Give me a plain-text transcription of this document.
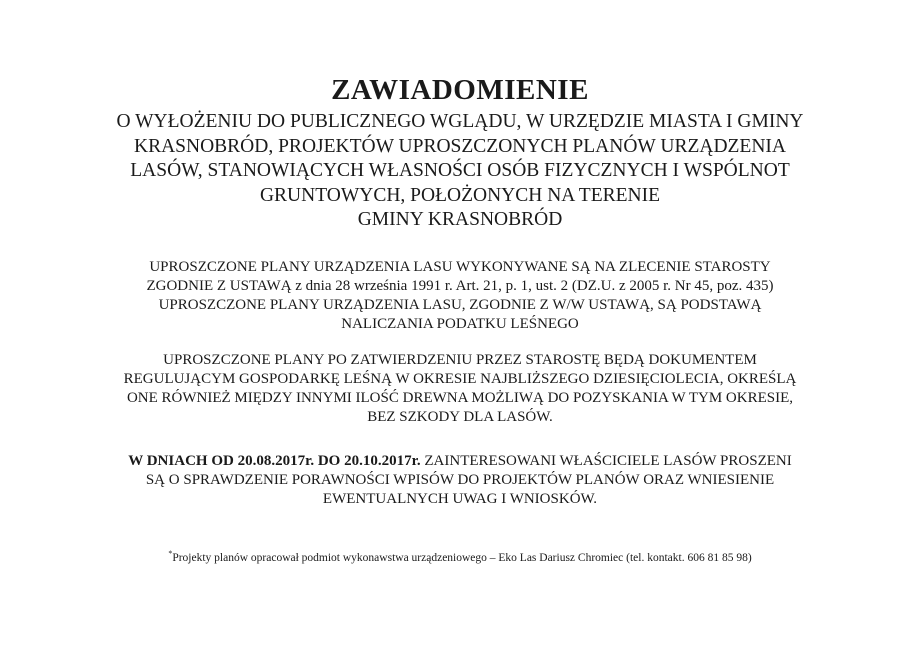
ZAWIADOMIENIE
O WYŁOŻENIU DO PUBLICZNEGO WGLĄDU, W URZĘDZIE MIASTA I GMINY
KRASNOBRÓD, PROJEKTÓW UPROSZCZONYCH PLANÓW URZĄDZENIA
LASÓW, STANOWIĄCYCH WŁASNOŚCI OSÓB FIZYCZNYCH I WSPÓLNOT
GRUNTOWYCH, POŁOŻONYCH NA TERENIE
GMINY KRASNOBRÓD
UPROSZCZONE PLANY URZĄDZENIA LASU WYKONYWANE SĄ NA ZLECENIE STAROSTY
ZGODNIE Z USTAWĄ z dnia 28 września 1991 r. Art. 21, p. 1, ust. 2 (DZ.U. z 2005 r. Nr 45, poz. 435)
UPROSZCZONE PLANY URZĄDZENIA LASU, ZGODNIE Z W/W USTAWĄ, SĄ PODSTAWĄ
NALICZANIA PODATKU LEŚNEGO
UPROSZCZONE PLANY PO ZATWIERDZENIU PRZEZ STAROSTĘ BĘDĄ DOKUMENTEM
REGULUJĄCYM GOSPODARKĘ LEŚNĄ W OKRESIE NAJBLIŻSZEGO DZIESIĘCIOLECIA, OKREŚLĄ
ONE RÓWNIEŻ MIĘDZY INNYMI ILOŚĆ DREWNA MOŻLIWĄ DO POZYSKANIA W TYM OKRESIE,
BEZ SZKODY DLA LASÓW.
W DNIACH OD 20.08.2017r. DO 20.10.2017r. ZAINTERESOWANI WŁAŚCICIELE LASÓW PROSZENI
SĄ O SPRAWDZENIE PORAWNOŚCI WPISÓW DO PROJEKTÓW PLANÓW ORAZ WNIESIENIE
EWENTUALNYCH UWAG I WNIOSKÓW.
*Projekty planów opracował podmiot wykonawstwa urządzeniowego – Eko Las Dariusz Chromiec (tel. kontakt. 606 81 85 98)
